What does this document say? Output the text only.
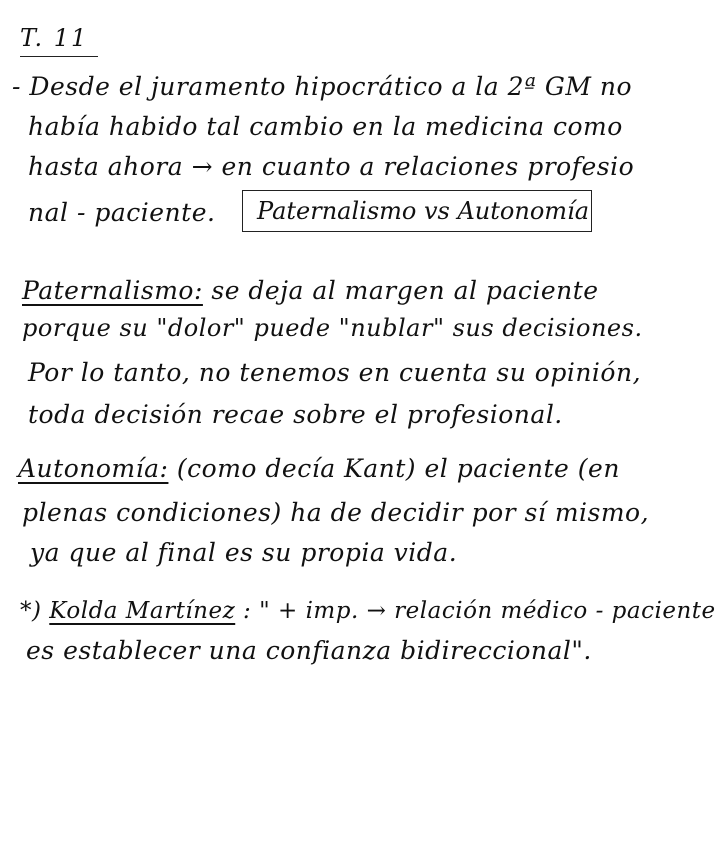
T. 11
- Desde el juramento hipocrático a la 2ª GM no
había habido tal cambio en la medicina como
hasta ahora → en cuanto a relaciones profesio
nal - paciente.	Paternalismo vs Autonomía
Paternalismo: se deja al margen al paciente
porque su "dolor" puede "nublar" sus decisiones.
Por lo tanto, no tenemos en cuenta su opinión,
toda decisión recae sobre el profesional.
Autonomía: (como decía Kant) el paciente (en
plenas condiciones) ha de decidir por sí mismo,
ya que al final es su propia vida.
*) Kolda Martínez : " + imp. → relación médico - paciente
es establecer una confianza bidireccional".
